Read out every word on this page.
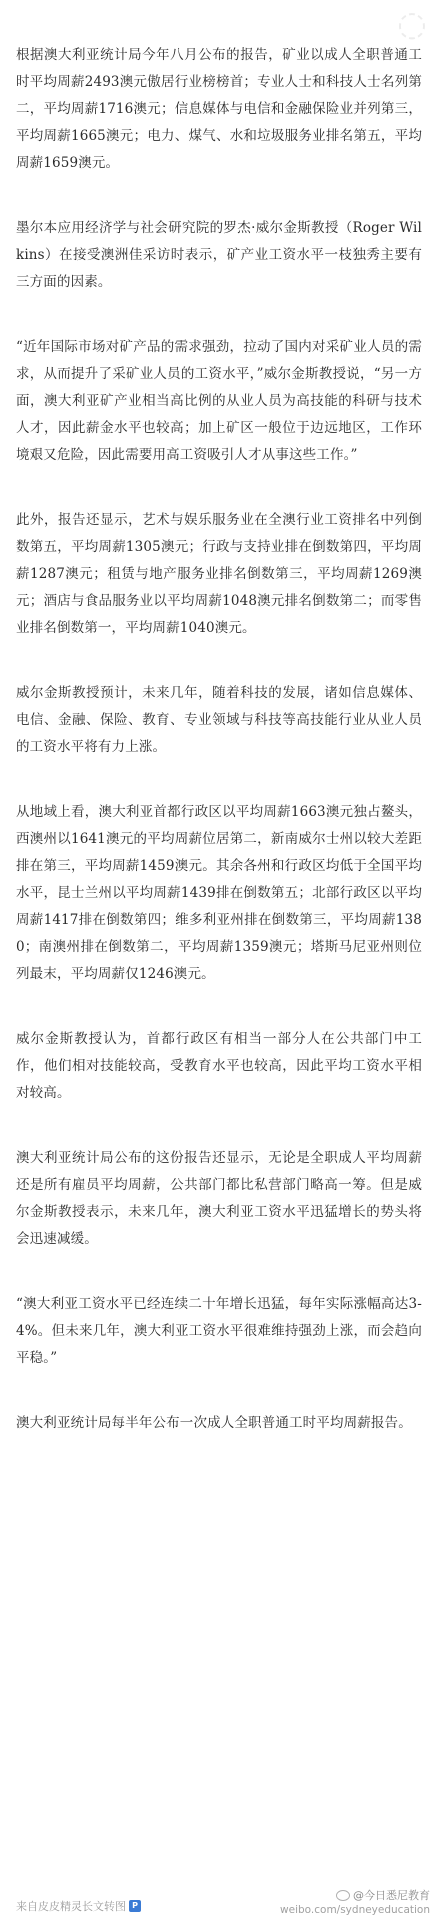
◌

根据澳大利亚统计局今年八月公布的报告，矿业以成人全职普通工时平均周薪2493澳元傲居行业榜榜首；专业人士和科技人士名列第二，平均周薪1716澳元；信息媒体与电信和金融保险业并列第三，平均周薪1665澳元；电力、煤气、水和垃圾服务业排名第五，平均周薪1659澳元。

墨尔本应用经济学与社会研究院的罗杰·威尔金斯教授（Roger Wilkins）在接受澳洲佳采访时表示，矿产业工资水平一枝独秀主要有三方面的因素。

“近年国际市场对矿产品的需求强劲，拉动了国内对采矿业人员的需求，从而提升了采矿业人员的工资水平，”威尔金斯教授说，“另一方面，澳大利亚矿产业相当高比例的从业人员为高技能的科研与技术人才，因此薪金水平也较高；加上矿区一般位于边远地区，工作环境艰又危险，因此需要用高工资吸引人才从事这些工作。”

此外，报告还显示，艺术与娱乐服务业在全澳行业工资排名中列倒数第五，平均周薪1305澳元；行政与支持业排在倒数第四，平均周薪1287澳元；租赁与地产服务业排名倒数第三，平均周薪1269澳元；酒店与食品服务业以平均周薪1048澳元排名倒数第二；而零售业排名倒数第一，平均周薪1040澳元。

威尔金斯教授预计，未来几年，随着科技的发展，诸如信息媒体、电信、金融、保险、教育、专业领域与科技等高技能行业从业人员的工资水平将有力上涨。

从地域上看，澳大利亚首都行政区以平均周薪1663澳元独占鳌头，西澳州以1641澳元的平均周薪位居第二，新南威尔士州以较大差距排在第三，平均周薪1459澳元。其余各州和行政区均低于全国平均水平，昆士兰州以平均周薪1439排在倒数第五；北部行政区以平均周薪1417排在倒数第四；维多利亚州排在倒数第三，平均周薪1380；南澳州排在倒数第二，平均周薪1359澳元；塔斯马尼亚州则位列最末，平均周薪仅1246澳元。

威尔金斯教授认为，首都行政区有相当一部分人在公共部门中工作，他们相对技能较高，受教育水平也较高，因此平均工资水平相对较高。

澳大利亚统计局公布的这份报告还显示，无论是全职成人平均周薪还是所有雇员平均周薪，公共部门都比私营部门略高一筹。但是威尔金斯教授表示，未来几年，澳大利亚工资水平迅猛增长的势头将会迅速减缓。

“澳大利亚工资水平已经连续二十年增长迅猛，每年实际涨幅高达3-4%。但未来几年，澳大利亚工资水平很难维持强劲上涨，而会趋向平稳。”

澳大利亚统计局每半年公布一次成人全职普通工时平均周薪报告。

来自皮皮精灵长文转图 P
@今日悉尼教育
weibo.com/sydneyeducation
